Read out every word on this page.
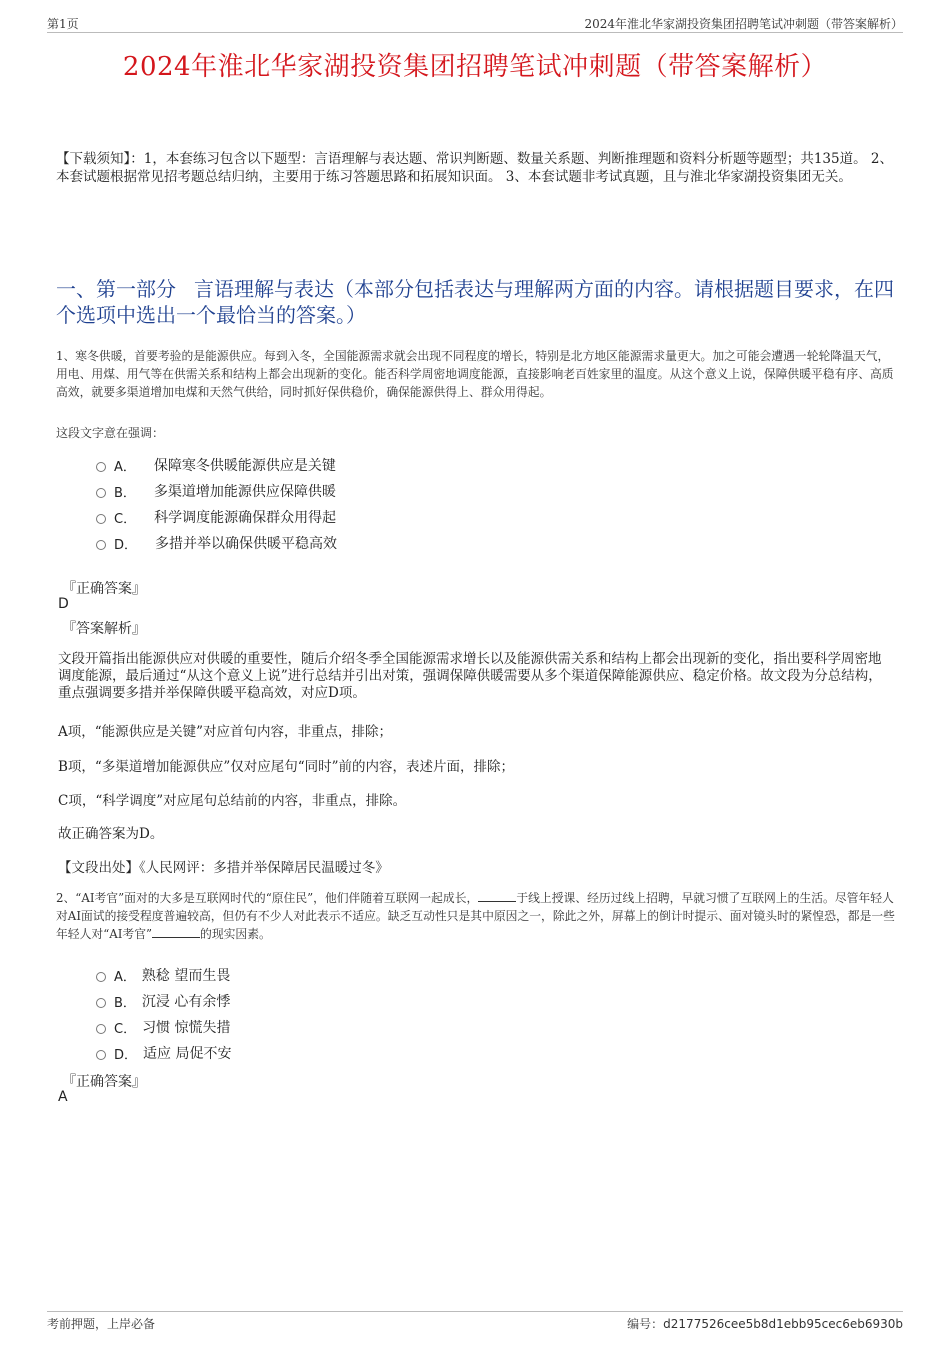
第1页	2024年淮北华家湖投资集团招聘笔试冲刺题（带答案解析）
2024年淮北华家湖投资集团招聘笔试冲刺题（带答案解析）
【下载须知】：1，本套练习包含以下题型：言语理解与表达题、常识判断题、数量关系题、判断推理题和资料分析题等题型；共135道。 2、本套试题根据常见招考题总结归纳，主要用于练习答题思路和拓展知识面。 3、本套试题非考试真题，且与淮北华家湖投资集团无关。
一、第一部分 言语理解与表达（本部分包括表达与理解两方面的内容。请根据题目要求，在四个选项中选出一个最恰当的答案。）
1、寒冬供暖，首要考验的是能源供应。每到入冬，全国能源需求就会出现不同程度的增长，特别是北方地区能源需求量更大。加之可能会遭遇一轮轮降温天气，用电、用煤、用气等在供需关系和结构上都会出现新的变化。能否科学周密地调度能源，直接影响老百姓家里的温度。从这个意义上说，保障供暖平稳有序、高质高效，就要多渠道增加电煤和天然气供给，同时抓好保供稳价，确保能源供得上、群众用得起。
这段文字意在强调：
A． 保障寒冬供暖能源供应是关键
B． 多渠道增加能源供应保障供暖
C． 科学调度能源确保群众用得起
D． 多措并举以确保供暖平稳高效
『正确答案』
D
『答案解析』
文段开篇指出能源供应对供暖的重要性，随后介绍冬季全国能源需求增长以及能源供需关系和结构上都会出现新的变化，指出要科学周密地调度能源，最后通过“从这个意义上说”进行总结并引出对策，强调保障供暖需要从多个渠道保障能源供应、稳定价格。故文段为分总结构，重点强调要多措并举保障供暖平稳高效，对应D项。
A项，“能源供应是关键”对应首句内容，非重点，排除；
B项，“多渠道增加能源供应”仅对应尾句“同时”前的内容，表述片面，排除；
C项，“科学调度”对应尾句总结前的内容，非重点，排除。
故正确答案为D。
【文段出处】《人民网评：多措并举保障居民温暖过冬》
2、“AI考官”面对的大多是互联网时代的“原住民”，他们伴随着互联网一起成长，	于线上授课、经历过线上招聘，早就习惯了互联网上的生活。尽管年轻人对AI面试的接受程度普遍较高，但仍有不少人对此表示不适应。缺乏互动性只是其中原因之一，除此之外，屏幕上的倒计时提示、面对镜头时的紧惶恐，都是一些年轻人对“AI考官”	的现实因素。
A． 熟稔 望而生畏
B． 沉浸 心有余悸
C． 习惯 惊慌失措
D． 适应 局促不安
『正确答案』
A
考前押题，上岸必备	编号：d2177526cee5b8d1ebb95cec6eb6930b
